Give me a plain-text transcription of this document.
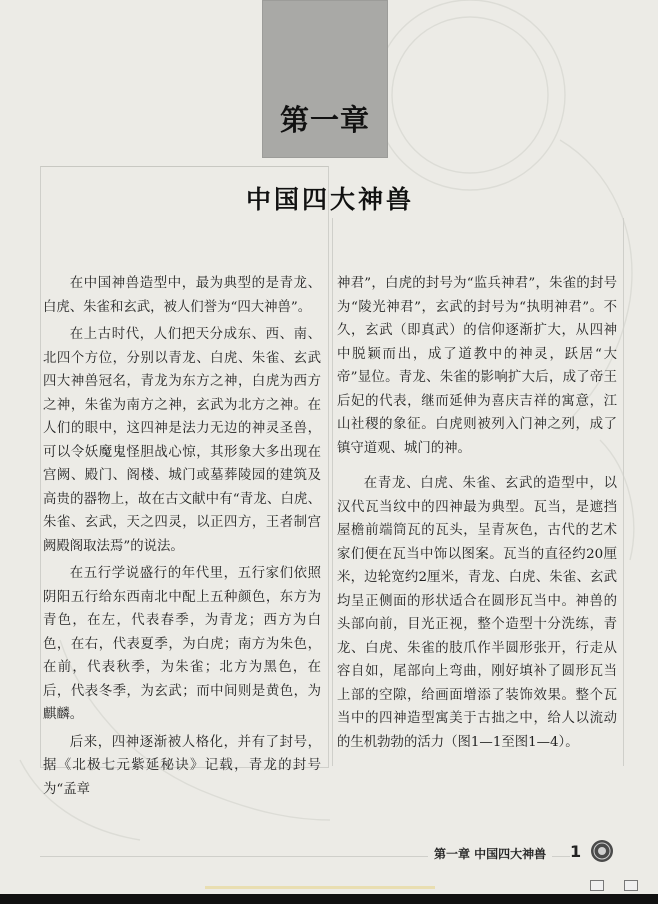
第一章
中国四大神兽

在中国神兽造型中，最为典型的是青龙、白虎、朱雀和玄武，被人们誉为“四大神兽”。

在上古时代，人们把天分成东、西、南、北四个方位，分别以青龙、白虎、朱雀、玄武四大神兽冠名，青龙为东方之神，白虎为西方之神，朱雀为南方之神，玄武为北方之神。在人们的眼中，这四神是法力无边的神灵圣兽，可以令妖魔鬼怪胆战心惊，其形象大多出现在宫阙、殿门、阁楼、城门或墓葬陵园的建筑及高贵的器物上，故在古文献中有“青龙、白虎、朱雀、玄武，天之四灵，以正四方，王者制宫阙殿阁取法焉”的说法。

在五行学说盛行的年代里，五行家们依照阴阳五行给东西南北中配上五种颜色，东方为青色，在左，代表春季，为青龙；西方为白色，在右，代表夏季，为白虎；南方为朱色，在前，代表秋季，为朱雀；北方为黑色，在后，代表冬季，为玄武；而中间则是黄色，为麒麟。

后来，四神逐渐被人格化，并有了封号，据《北极七元紫延秘诀》记载，青龙的封号为“孟章

神君”，白虎的封号为“监兵神君”，朱雀的封号为“陵光神君”，玄武的封号为“执明神君”。不久，玄武（即真武）的信仰逐渐扩大，从四神中脱颖而出，成了道教中的神灵，跃居“大帝”显位。青龙、朱雀的影响扩大后，成了帝王后妃的代表，继而延伸为喜庆吉祥的寓意，江山社稷的象征。白虎则被列入门神之列，成了镇守道观、城门的神。

在青龙、白虎、朱雀、玄武的造型中，以汉代瓦当纹中的四神最为典型。瓦当，是遮挡屋檐前端筒瓦的瓦头，呈青灰色，古代的艺术家们便在瓦当中饰以图案。瓦当的直径约20厘米，边轮宽约2厘米，青龙、白虎、朱雀、玄武均呈正侧面的形状适合在圆形瓦当中。神兽的头部向前，目光正视，整个造型十分洗练，青龙、白虎、朱雀的肢爪作半圆形张开，行走从容自如，尾部向上弯曲，刚好填补了圆形瓦当上部的空隙，给画面增添了装饰效果。整个瓦当中的四神造型寓美于古拙之中，给人以流动的生机勃勃的活力（图1—1至图1—4）。

第一章 中国四大神兽	1
